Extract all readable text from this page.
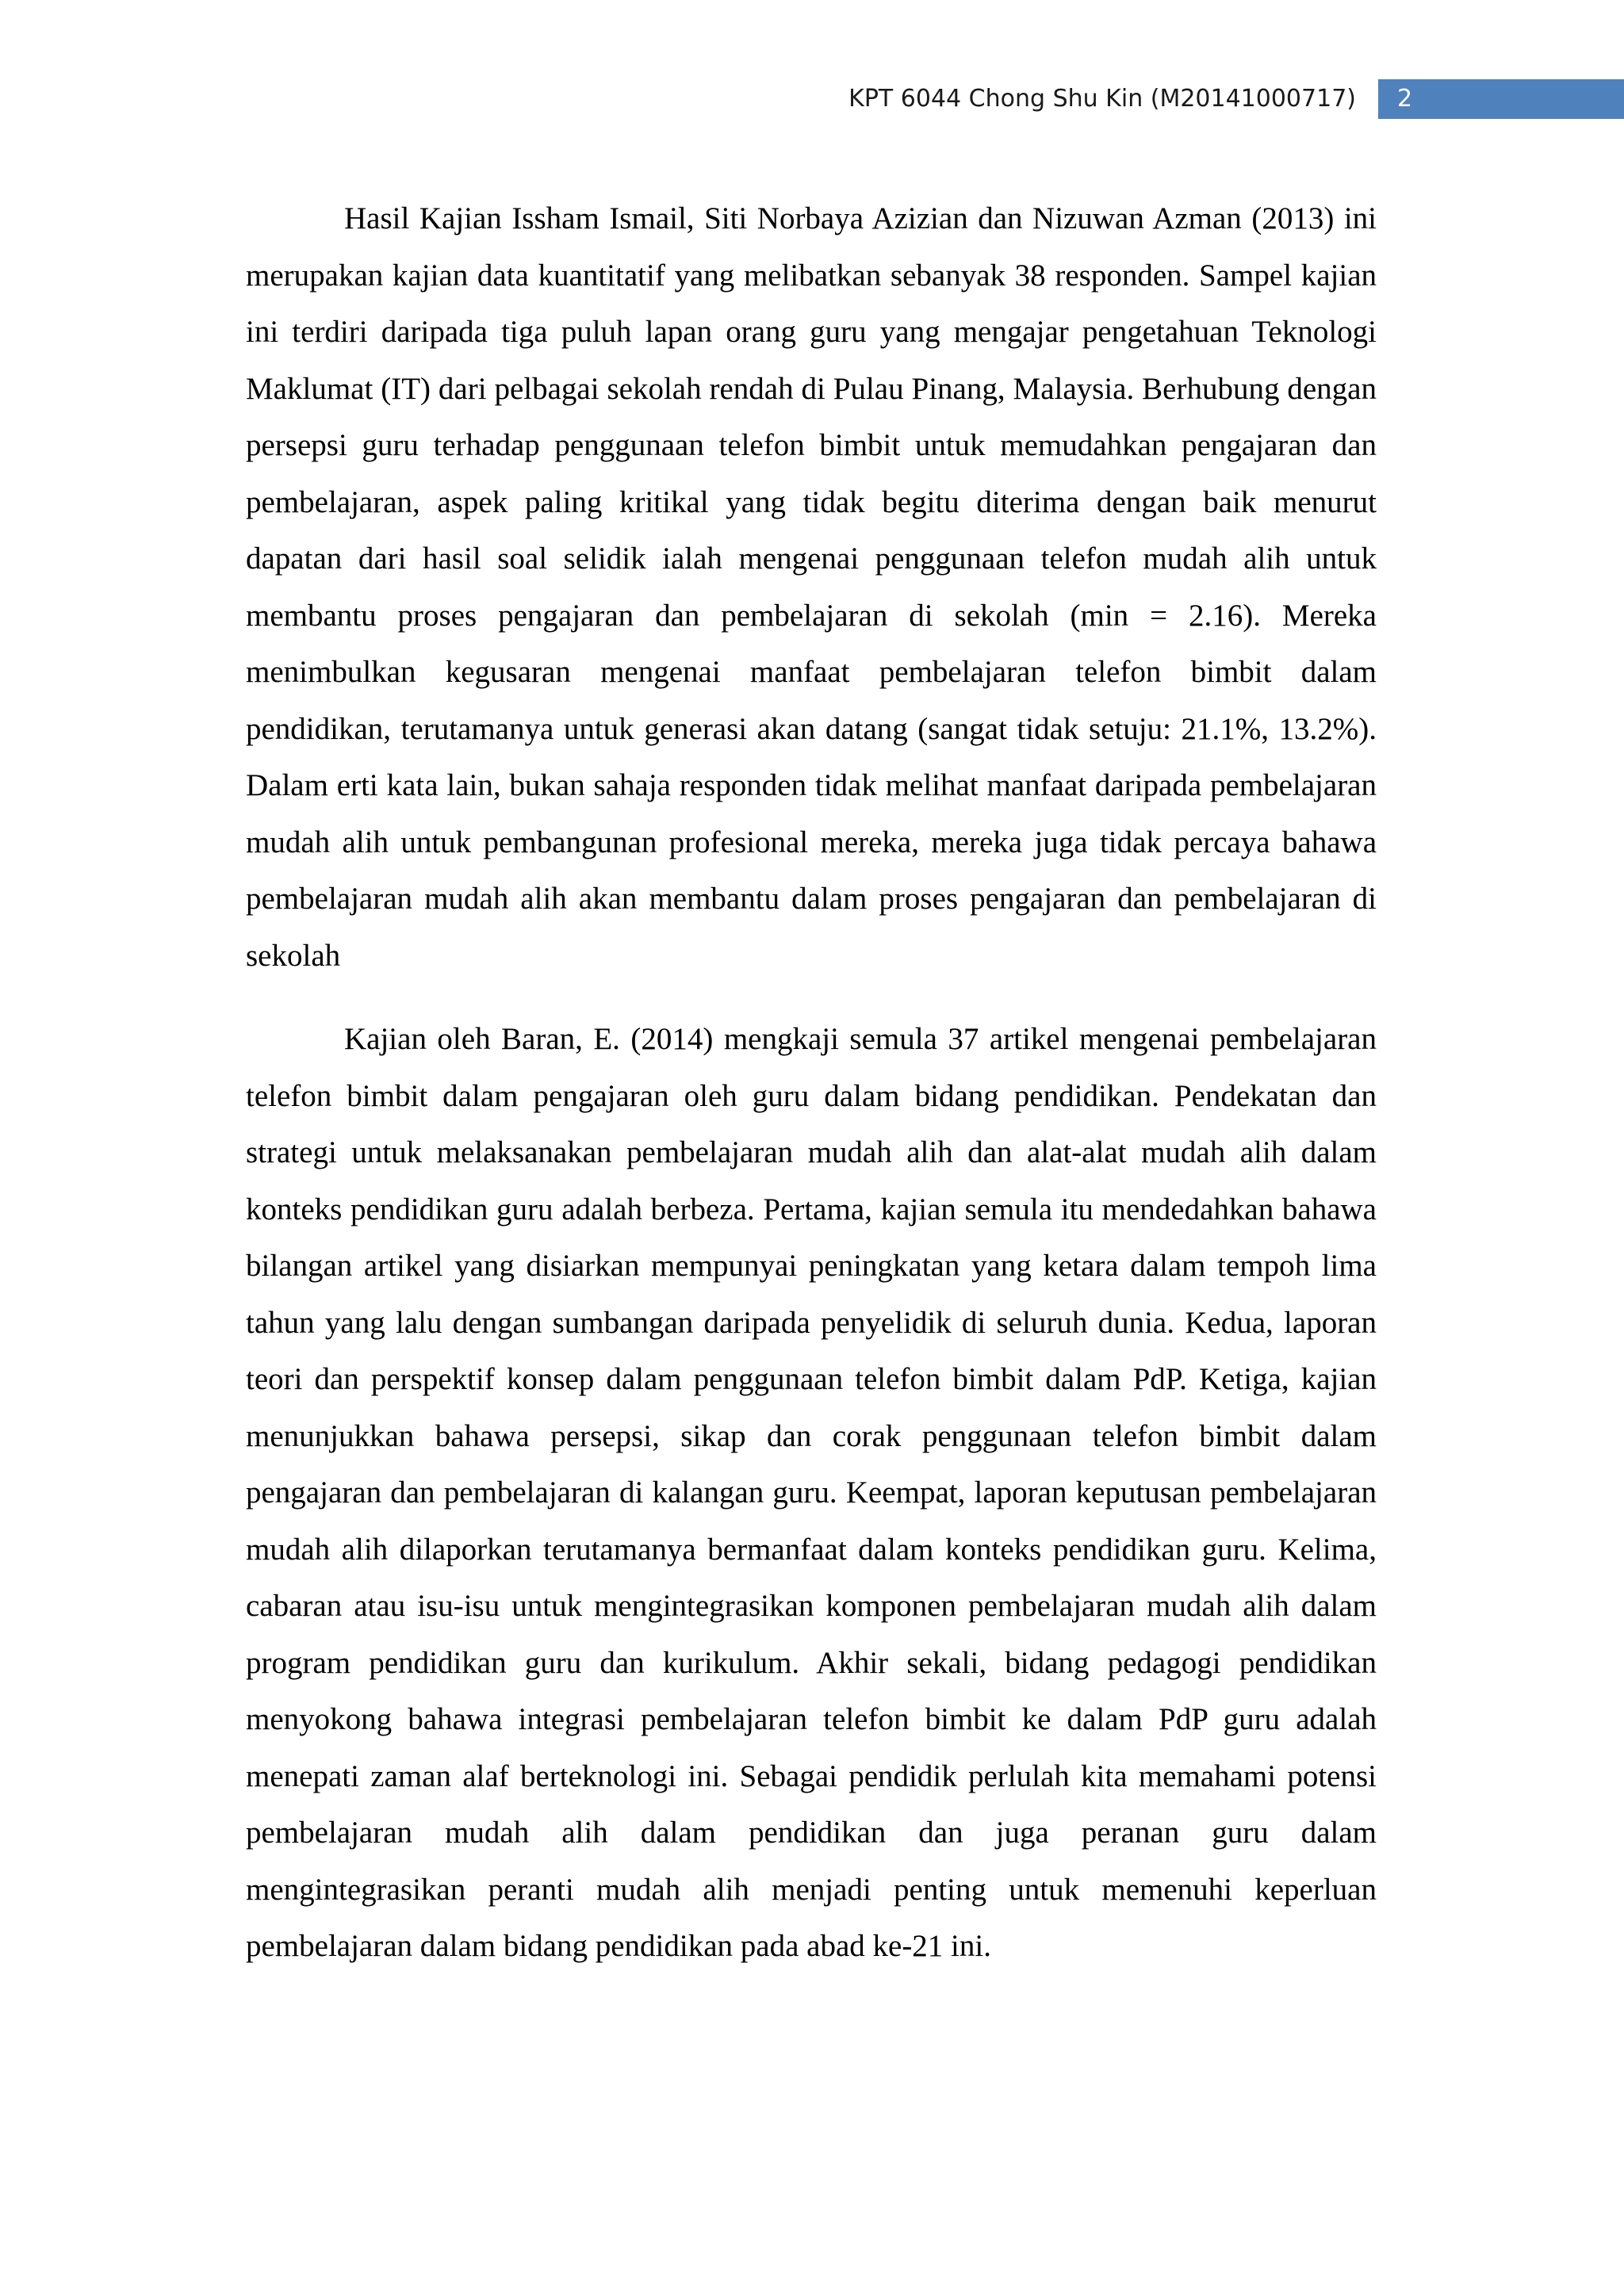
KPT 6044 Chong Shu Kin (M20141000717)	2

Hasil Kajian Issham Ismail, Siti Norbaya Azizian dan Nizuwan Azman (2013) ini merupakan kajian data kuantitatif yang melibatkan sebanyak 38 responden. Sampel kajian ini terdiri daripada tiga puluh lapan orang guru yang mengajar pengetahuan Teknologi Maklumat (IT) dari pelbagai sekolah rendah di Pulau Pinang, Malaysia. Berhubung dengan persepsi guru terhadap penggunaan telefon bimbit untuk memudahkan pengajaran dan pembelajaran, aspek paling kritikal yang tidak begitu diterima dengan baik menurut dapatan dari hasil soal selidik ialah mengenai penggunaan telefon mudah alih untuk membantu proses pengajaran dan pembelajaran di sekolah (min = 2.16). Mereka menimbulkan kegusaran mengenai manfaat pembelajaran telefon bimbit dalam pendidikan, terutamanya untuk generasi akan datang (sangat tidak setuju: 21.1%, 13.2%). Dalam erti kata lain, bukan sahaja responden tidak melihat manfaat daripada pembelajaran mudah alih untuk pembangunan profesional mereka, mereka juga tidak percaya bahawa pembelajaran mudah alih akan membantu dalam proses pengajaran dan pembelajaran di sekolah

Kajian oleh Baran, E. (2014) mengkaji semula 37 artikel mengenai pembelajaran telefon bimbit dalam pengajaran oleh guru dalam bidang pendidikan. Pendekatan dan strategi untuk melaksanakan pembelajaran mudah alih dan alat-alat mudah alih dalam konteks pendidikan guru adalah berbeza. Pertama, kajian semula itu mendedahkan bahawa bilangan artikel yang disiarkan mempunyai peningkatan yang ketara dalam tempoh lima tahun yang lalu dengan sumbangan daripada penyelidik di seluruh dunia. Kedua, laporan teori dan perspektif konsep dalam penggunaan telefon bimbit dalam PdP. Ketiga, kajian menunjukkan bahawa persepsi, sikap dan corak penggunaan telefon bimbit dalam pengajaran dan pembelajaran di kalangan guru. Keempat, laporan keputusan pembelajaran mudah alih dilaporkan terutamanya bermanfaat dalam konteks pendidikan guru. Kelima, cabaran atau isu-isu untuk mengintegrasikan komponen pembelajaran mudah alih dalam program pendidikan guru dan kurikulum. Akhir sekali, bidang pedagogi pendidikan menyokong bahawa integrasi pembelajaran telefon bimbit ke dalam PdP guru adalah menepati zaman alaf berteknologi ini. Sebagai pendidik perlulah kita memahami potensi pembelajaran mudah alih dalam pendidikan dan juga peranan guru dalam mengintegrasikan peranti mudah alih menjadi penting untuk memenuhi keperluan pembelajaran dalam bidang pendidikan pada abad ke-21 ini.
